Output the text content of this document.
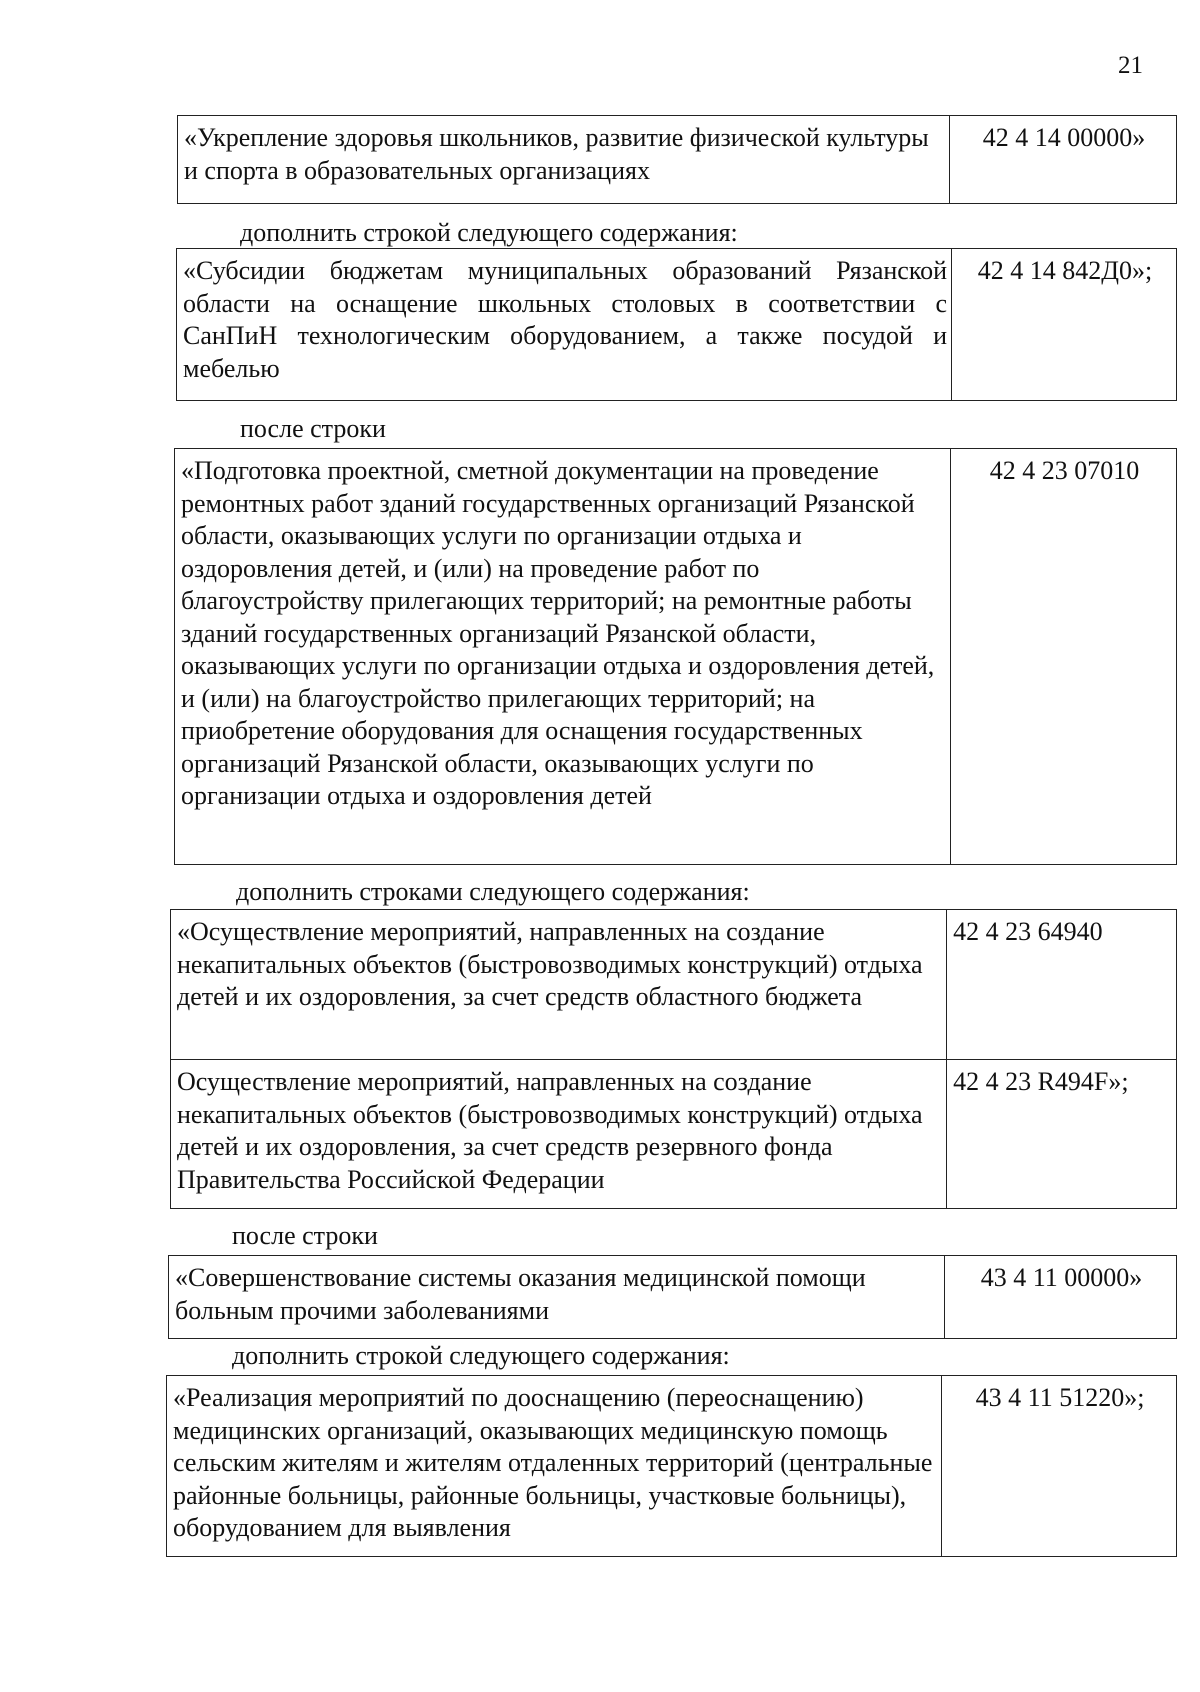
21
«Укрепление здоровья школьников, развитие физической культуры и спорта в образовательных организациях	42 4 14 00000»
дополнить строкой следующего содержания:
«Субсидии бюджетам муниципальных образований Рязанской области на оснащение школьных столовых в соответствии с СанПиН технологическим оборудованием, а также посудой и мебелью	42 4 14 842Д0»;
после строки
«Подготовка проектной, сметной документации на проведение ремонтных работ зданий государственных организаций Рязанской области, оказывающих услуги по организации отдыха и оздоровления детей, и (или) на проведение работ по благоустройству прилегающих территорий; на ремонтные работы зданий государственных организаций Рязанской области, оказывающих услуги по организации отдыха и оздоровления детей, и (или) на благоустройство прилегающих территорий; на приобретение оборудования для оснащения государственных организаций Рязанской области, оказывающих услуги по организации отдыха и оздоровления детей	42 4 23 07010
дополнить строками следующего содержания:
«Осуществление мероприятий, направленных на создание некапитальных объектов (быстровозводимых конструкций) отдыха детей и их оздоровления, за счет средств областного бюджета	42 4 23 64940
Осуществление мероприятий, направленных на создание некапитальных объектов (быстровозводимых конструкций) отдыха детей и их оздоровления, за счет средств резервного фонда Правительства Российской Федерации	42 4 23 R494F»;
после строки
«Совершенствование системы оказания медицинской помощи больным прочими заболеваниями	43 4 11 00000»
дополнить строкой следующего содержания:
«Реализация мероприятий по дооснащению (переоснащению) медицинских организаций, оказывающих медицинскую помощь сельским жителям и жителям отдаленных территорий (центральные районные больницы, районные больницы, участковые больницы), оборудованием для выявления	43 4 11 51220»;
